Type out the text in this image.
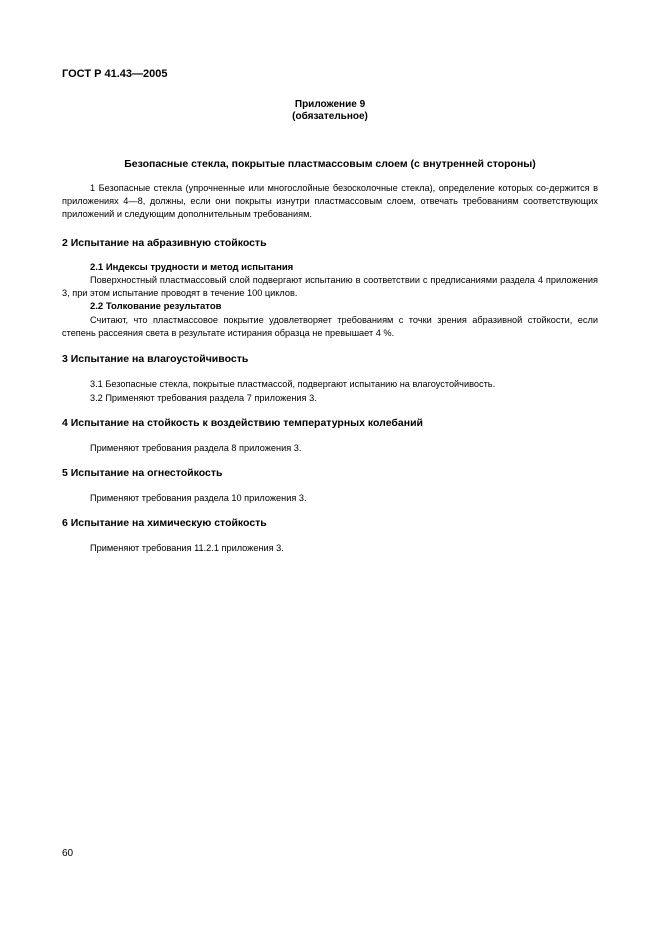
ГОСТ Р 41.43—2005
Приложение 9
(обязательное)
Безопасные стекла, покрытые пластмассовым слоем (с внутренней стороны)

1 Безопасные стекла (упрочненные или многослойные безосколочные стекла), определение которых со-держится в приложениях 4—8, должны, если они покрыты изнутри пластмассовым слоем, отвечать требованиям соответствующих приложений и следующим дополнительным требованиям.

2 Испытание на абразивную стойкость
2.1 Индексы трудности и метод испытания

Поверхностный пластмассовый слой подвергают испытанию в соответствии с предписаниями раздела 4 приложения 3, при этом испытание проводят в течение 100 циклов.

2.2 Толкование результатов

Считают, что пластмассовое покрытие удовлетворяет требованиям с точки зрения абразивной стойкости, если степень рассеяния света в результате истирания образца не превышает 4 %.

3 Испытание на влагоустойчивость
3.1 Безопасные стекла, покрытые пластмассой, подвергают испытанию на влагоустойчивость.
3.2 Применяют требования раздела 7 приложения 3.
4 Испытание на стойкость к воздействию температурных колебаний
Применяют требования раздела 8 приложения 3.
5 Испытание на огнестойкость
Применяют требования раздела 10 приложения 3.
6 Испытание на химическую стойкость
Применяют требования 11.2.1 приложения 3.
60
